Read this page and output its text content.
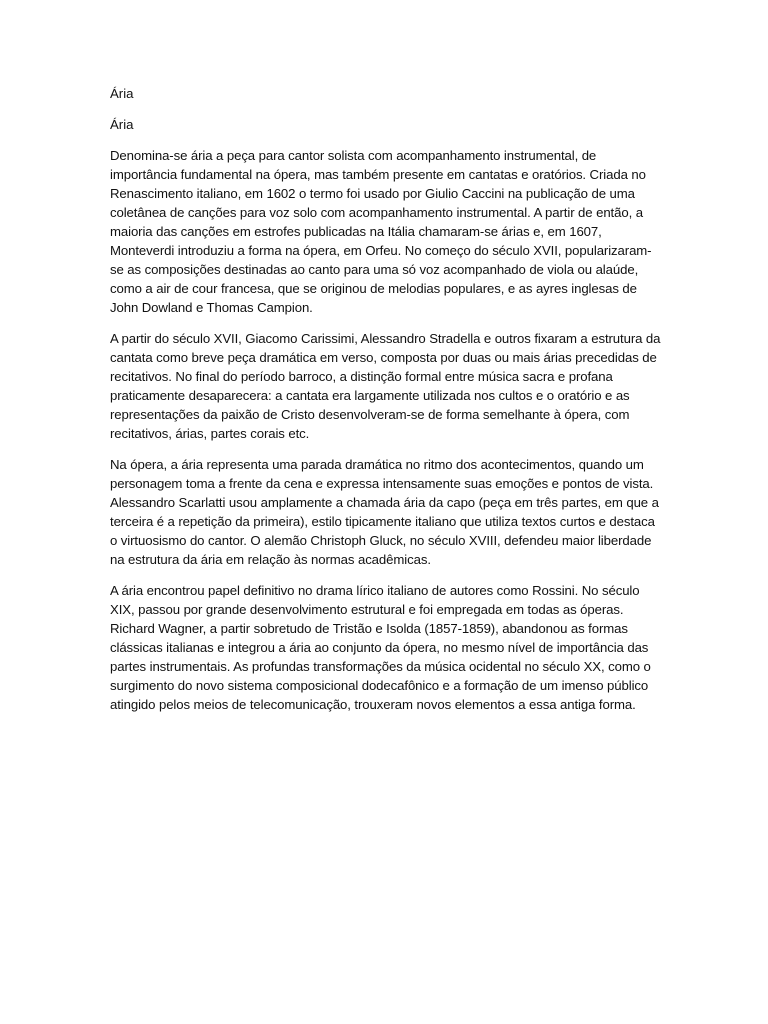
Ária

Ária

Denomina-se ária a peça para cantor solista com acompanhamento instrumental, de importância fundamental na ópera, mas também presente em cantatas e oratórios. Criada no Renascimento italiano, em 1602 o termo foi usado por Giulio Caccini na publicação de uma coletânea de canções para voz solo com acompanhamento instrumental. A partir de então, a maioria das canções em estrofes publicadas na Itália chamaram-se árias e, em 1607, Monteverdi introduziu a forma na ópera, em Orfeu. No começo do século XVII, popularizaram-se as composições destinadas ao canto para uma só voz acompanhado de viola ou alaúde, como a air de cour francesa, que se originou de melodias populares, e as ayres inglesas de John Dowland e Thomas Campion.

A partir do século XVII, Giacomo Carissimi, Alessandro Stradella e outros fixaram a estrutura da cantata como breve peça dramática em verso, composta por duas ou mais árias precedidas de recitativos. No final do período barroco, a distinção formal entre música sacra e profana praticamente desaparecera: a cantata era largamente utilizada nos cultos e o oratório e as representações da paixão de Cristo desenvolveram-se de forma semelhante à ópera, com recitativos, árias, partes corais etc.

Na ópera, a ária representa uma parada dramática no ritmo dos acontecimentos, quando um personagem toma a frente da cena e expressa intensamente suas emoções e pontos de vista. Alessandro Scarlatti usou amplamente a chamada ária da capo (peça em três partes, em que a terceira é a repetição da primeira), estilo tipicamente italiano que utiliza textos curtos e destaca o virtuosismo do cantor. O alemão Christoph Gluck, no século XVIII, defendeu maior liberdade na estrutura da ária em relação às normas acadêmicas.

A ária encontrou papel definitivo no drama lírico italiano de autores como Rossini. No século XIX, passou por grande desenvolvimento estrutural e foi empregada em todas as óperas. Richard Wagner, a partir sobretudo de Tristão e Isolda (1857-1859), abandonou as formas clássicas italianas e integrou a ária ao conjunto da ópera, no mesmo nível de importância das partes instrumentais. As profundas transformações da música ocidental no século XX, como o surgimento do novo sistema composicional dodecafônico e a formação de um imenso público atingido pelos meios de telecomunicação, trouxeram novos elementos a essa antiga forma.
